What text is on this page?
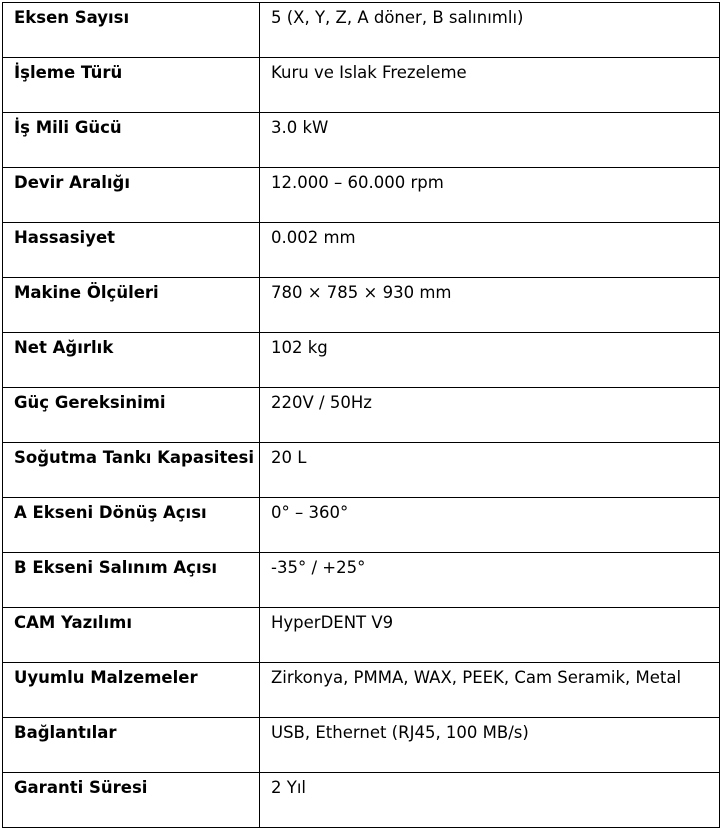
Eksen Sayısı	5 (X, Y, Z, A döner, B salınımlı)
İşleme Türü	Kuru ve Islak Frezeleme
İş Mili Gücü	3.0 kW
Devir Aralığı	12.000 – 60.000 rpm
Hassasiyet	0.002 mm
Makine Ölçüleri	780 × 785 × 930 mm
Net Ağırlık	102 kg
Güç Gereksinimi	220V / 50Hz
Soğutma Tankı Kapasitesi	20 L
A Ekseni Dönüş Açısı	0° – 360°
B Ekseni Salınım Açısı	-35° / +25°
CAM Yazılımı	HyperDENT V9
Uyumlu Malzemeler	Zirkonya, PMMA, WAX, PEEK, Cam Seramik, Metal
Bağlantılar	USB, Ethernet (RJ45, 100 MB/s)
Garanti Süresi	2 Yıl
